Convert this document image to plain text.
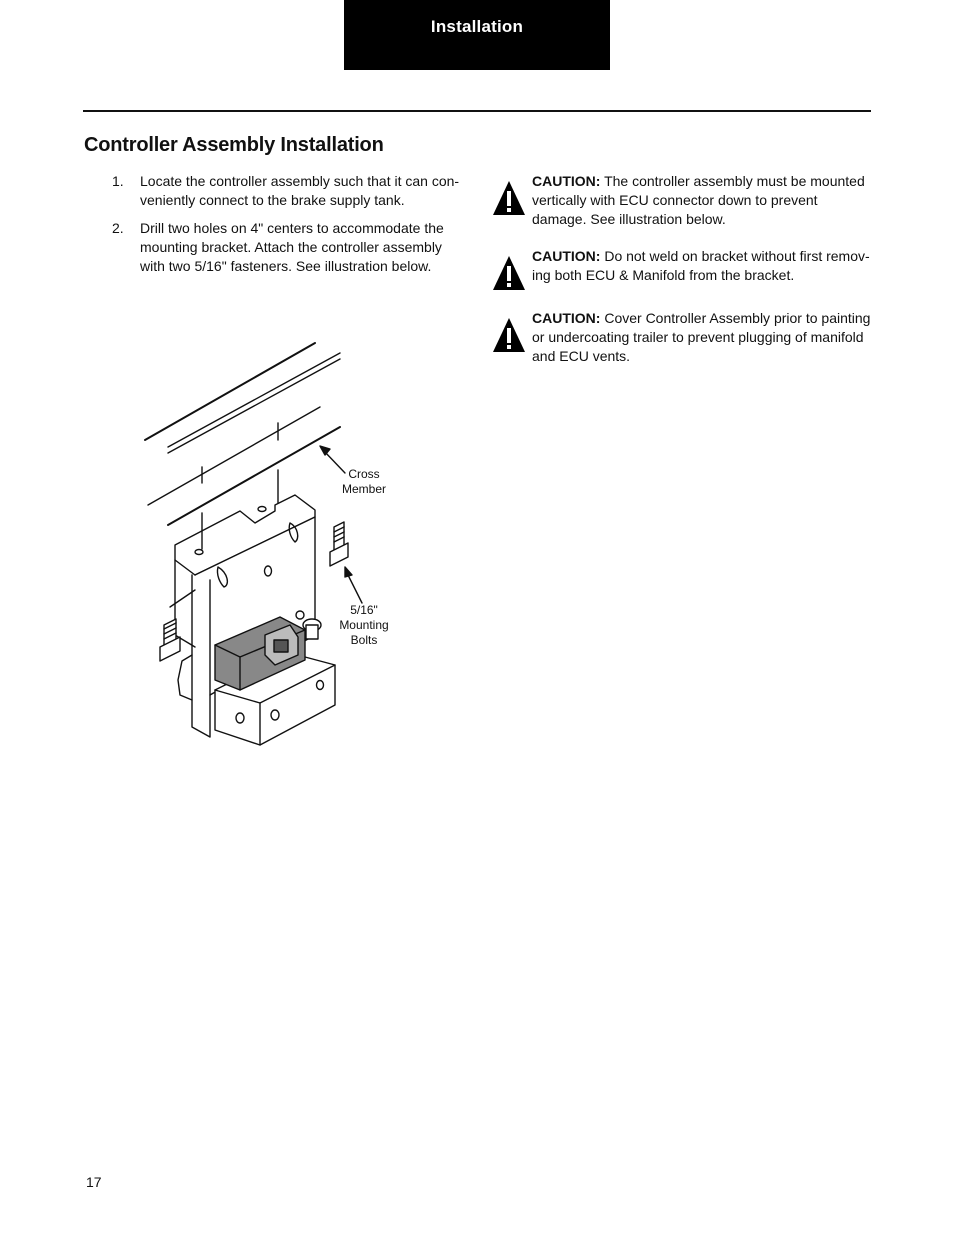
Installation
Controller Assembly Installation
1.	Locate the controller assembly such that it can con-veniently connect to the brake supply tank.
2.	Drill two holes on 4" centers to accommodate the mounting bracket. Attach the controller assembly with two 5/16" fasteners. See illustration below.
CAUTION: The controller assembly must be mounted vertically with ECU connector down to prevent damage. See illustration below.
CAUTION: Do not weld on bracket without first remov-ing both ECU & Manifold from the bracket.
CAUTION: Cover Controller Assembly prior to painting or undercoating trailer to prevent plugging of manifold and ECU vents.
Cross
Member
5/16"
Mounting
Bolts
17
